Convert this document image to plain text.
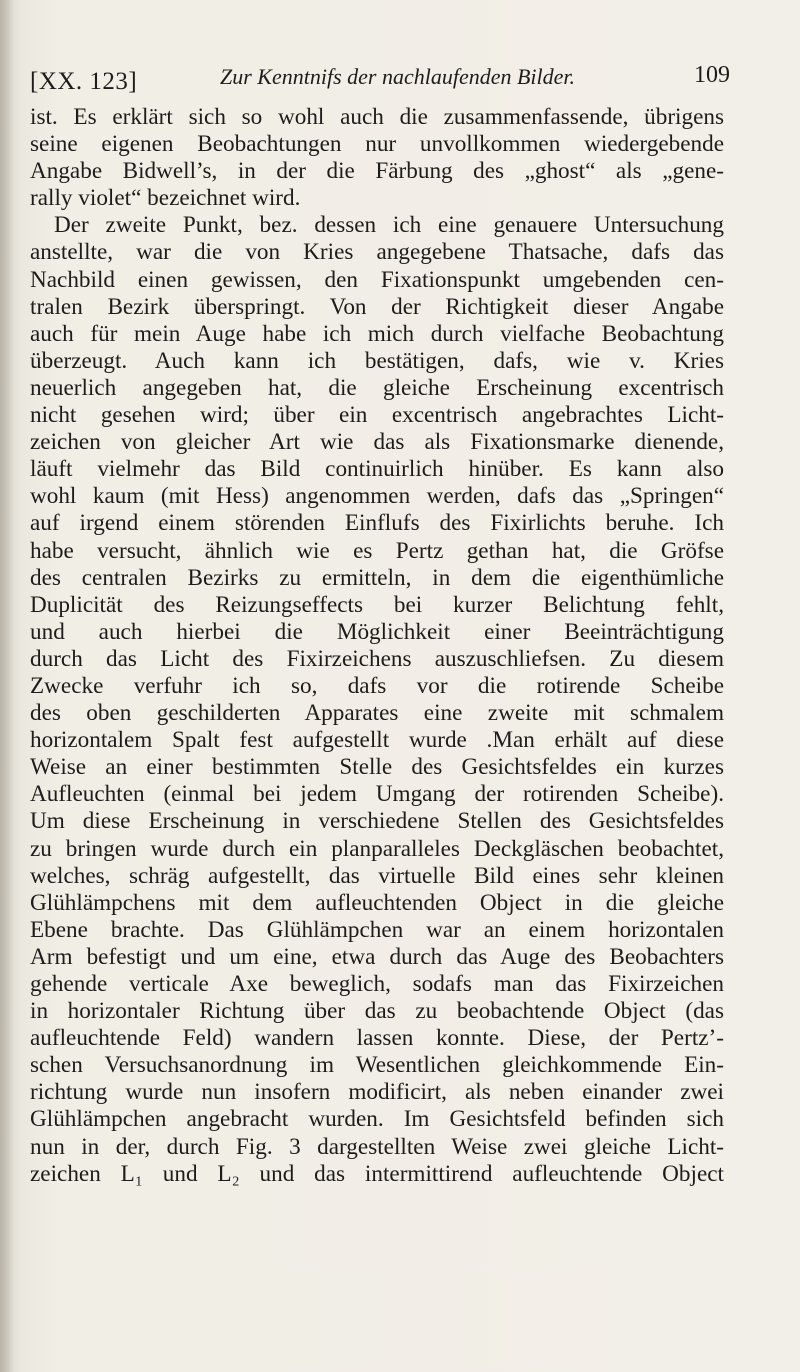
[XX. 123]	Zur Kenntnifs der nachlaufenden Bilder.	109
ist. Es erklärt sich so wohl auch die zusammenfassende, übrigens
seine eigenen Beobachtungen nur unvollkommen wiedergebende
Angabe Bidwell’s, in der die Färbung des „ghost“ als „gene-
rally violet“ bezeichnet wird.
Der zweite Punkt, bez. dessen ich eine genauere Untersuchung
anstellte, war die von Kries angegebene Thatsache, dafs das
Nachbild einen gewissen, den Fixationspunkt umgebenden cen-
tralen Bezirk überspringt. Von der Richtigkeit dieser Angabe
auch für mein Auge habe ich mich durch vielfache Beobachtung
überzeugt. Auch kann ich bestätigen, dafs, wie v. Kries
neuerlich angegeben hat, die gleiche Erscheinung excentrisch
nicht gesehen wird; über ein excentrisch angebrachtes Licht-
zeichen von gleicher Art wie das als Fixationsmarke dienende,
läuft vielmehr das Bild continuirlich hinüber. Es kann also
wohl kaum (mit Hess) angenommen werden, dafs das „Springen“
auf irgend einem störenden Einflufs des Fixirlichts beruhe. Ich
habe versucht, ähnlich wie es Pertz gethan hat, die Gröfse
des centralen Bezirks zu ermitteln, in dem die eigenthümliche
Duplicität des Reizungseffects bei kurzer Belichtung fehlt,
und auch hierbei die Möglichkeit einer Beeinträchtigung
durch das Licht des Fixirzeichens auszuschliefsen. Zu diesem
Zwecke verfuhr ich so, dafs vor die rotirende Scheibe
des oben geschilderten Apparates eine zweite mit schmalem
horizontalem Spalt fest aufgestellt wurde .Man erhält auf diese
Weise an einer bestimmten Stelle des Gesichtsfeldes ein kurzes
Aufleuchten (einmal bei jedem Umgang der rotirenden Scheibe).
Um diese Erscheinung in verschiedene Stellen des Gesichtsfeldes
zu bringen wurde durch ein planparalleles Deckgläschen beobachtet,
welches, schräg aufgestellt, das virtuelle Bild eines sehr kleinen
Glühlämpchens mit dem aufleuchtenden Object in die gleiche
Ebene brachte. Das Glühlämpchen war an einem horizontalen
Arm befestigt und um eine, etwa durch das Auge des Beobachters
gehende verticale Axe beweglich, sodafs man das Fixirzeichen
in horizontaler Richtung über das zu beobachtende Object (das
aufleuchtende Feld) wandern lassen konnte. Diese, der Pertz’-
schen Versuchsanordnung im Wesentlichen gleichkommende Ein-
richtung wurde nun insofern modificirt, als neben einander zwei
Glühlämpchen angebracht wurden. Im Gesichtsfeld befinden sich
nun in der, durch Fig. 3 dargestellten Weise zwei gleiche Licht-
zeichen L₁ und L₂ und das intermittirend aufleuchtende Object
